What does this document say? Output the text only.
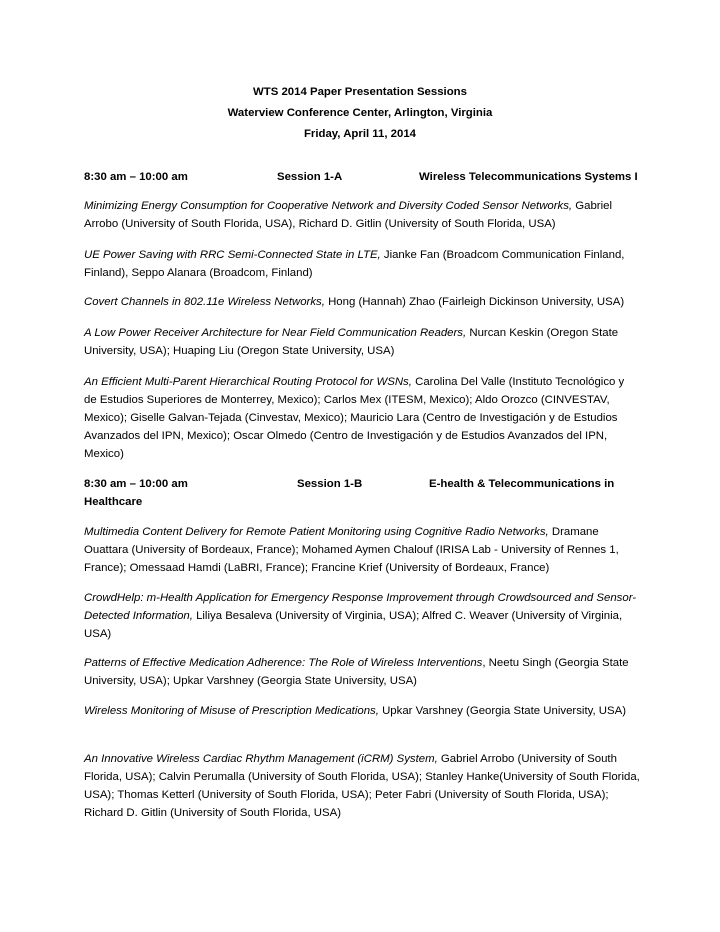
WTS 2014 Paper Presentation Sessions
Waterview Conference Center, Arlington, Virginia
Friday, April 11, 2014
8:30 am – 10:00 am	Session 1-A	Wireless Telecommunications Systems I
Minimizing Energy Consumption for Cooperative Network and Diversity Coded Sensor Networks, Gabriel Arrobo (University of South Florida, USA), Richard D. Gitlin (University of South Florida, USA)
UE Power Saving with RRC Semi-Connected State in LTE, Jianke Fan (Broadcom Communication Finland, Finland), Seppo Alanara (Broadcom, Finland)
Covert Channels in 802.11e Wireless Networks, Hong (Hannah) Zhao (Fairleigh Dickinson University, USA)
A Low Power Receiver Architecture for Near Field Communication Readers, Nurcan Keskin (Oregon State University, USA); Huaping Liu (Oregon State University, USA)
An Efficient Multi-Parent Hierarchical Routing Protocol for WSNs, Carolina Del Valle (Instituto Tecnológico y de Estudios Superiores de Monterrey, Mexico); Carlos Mex (ITESM, Mexico); Aldo Orozco (CINVESTAV, Mexico); Giselle Galvan-Tejada (Cinvestav, Mexico); Mauricio Lara (Centro de Investigación y de Estudios Avanzados del IPN, Mexico); Oscar Olmedo (Centro de Investigación y de Estudios Avanzados del IPN, Mexico)
8:30 am – 10:00 am	Session 1-B	E-health & Telecommunications in Healthcare
Multimedia Content Delivery for Remote Patient Monitoring using Cognitive Radio Networks, Dramane Ouattara (University of Bordeaux, France); Mohamed Aymen Chalouf (IRISA Lab - University of Rennes 1, France); Omessaad Hamdi (LaBRI, France); Francine Krief (University of Bordeaux, France)
CrowdHelp: m-Health Application for Emergency Response Improvement through Crowdsourced and Sensor-Detected Information, Liliya Besaleva (University of Virginia, USA); Alfred C. Weaver (University of Virginia, USA)
Patterns of Effective Medication Adherence: The Role of Wireless Interventions, Neetu Singh (Georgia State University, USA); Upkar Varshney (Georgia State University, USA)
Wireless Monitoring of Misuse of Prescription Medications, Upkar Varshney (Georgia State University, USA)
An Innovative Wireless Cardiac Rhythm Management (iCRM) System, Gabriel Arrobo (University of South Florida, USA); Calvin Perumalla (University of South Florida, USA); Stanley Hanke(University of South Florida, USA); Thomas Ketterl (University of South Florida, USA); Peter Fabri (University of South Florida, USA); Richard D. Gitlin (University of South Florida, USA)
